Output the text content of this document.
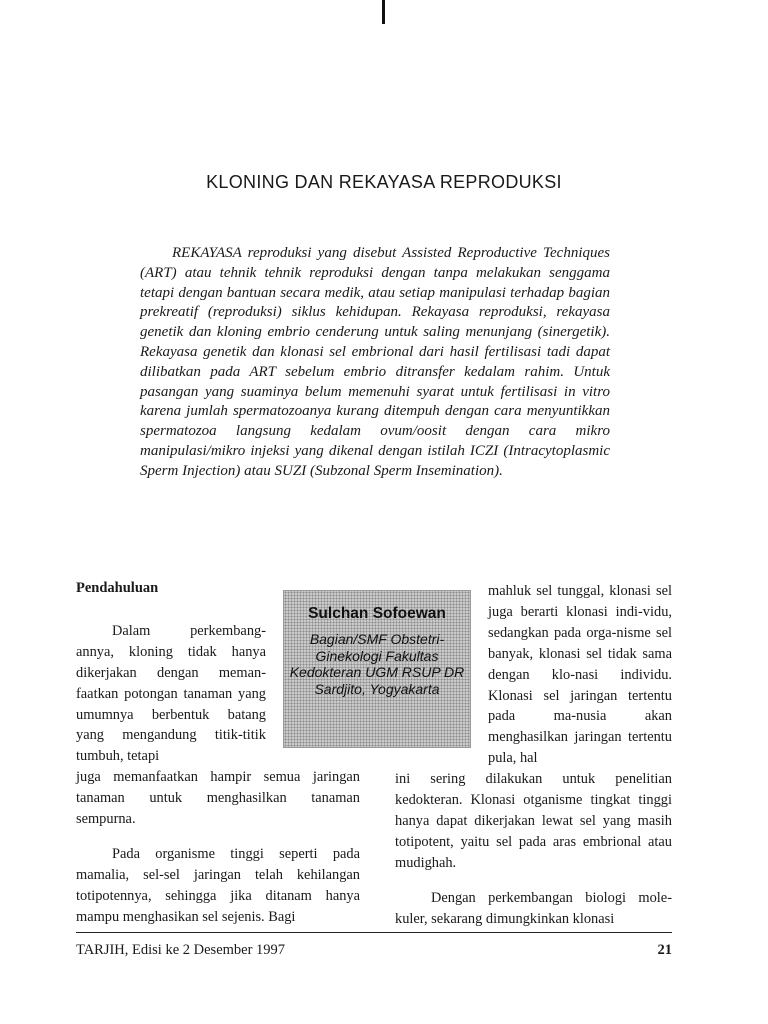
KLONING DAN REKAYASA REPRODUKSI

REKAYASA reproduksi yang disebut Assisted Reproductive Techniques (ART) atau tehnik tehnik reproduksi dengan tanpa melakukan senggama tetapi dengan bantuan secara medik, atau setiap manipulasi terhadap bagian prekreatif (reproduksi) siklus kehidupan. Rekayasa reproduksi, rekayasa genetik dan kloning embrio cenderung untuk saling menunjang (sinergetik). Rekayasa genetik dan klonasi sel embrional dari hasil fertilisasi tadi dapat dilibatkan pada ART sebelum embrio ditransfer kedalam rahim. Untuk pasangan yang suaminya belum memenuhi syarat untuk fertilisasi in vitro karena jumlah spermatozoanya kurang ditempuh dengan cara menyuntikkan spermatozoa langsung kedalam ovum/oosit dengan cara mikro manipulasi/mikro injeksi yang dikenal dengan istilah ICZI (Intracytoplasmic Sperm Injection) atau SUZI (Subzonal Sperm Insemination).

Pendahuluan

Dalam perkembang-annya, kloning tidak hanya dikerjakan dengan meman-faatkan potongan tanaman yang umumnya berbentuk batang yang mengandung titik-titik tumbuh, tetapi

juga memanfaatkan hampir semua jaringan tanaman untuk menghasilkan tanaman sempurna.

Pada organisme tinggi seperti pada mamalia, sel-sel jaringan telah kehilangan totipotennya, sehingga jika ditanam hanya mampu menghasikan sel sejenis. Bagi

Sulchan Sofoewan
Bagian/SMF Obstetri-Ginekologi Fakultas Kedokteran UGM RSUP DR Sardjito, Yogyakarta

mahluk sel tunggal, klonasi sel juga berarti klonasi indi-vidu, sedangkan pada orga-nisme sel banyak, klonasi sel tidak sama dengan klo-nasi individu. Klonasi sel jaringan tertentu pada ma-nusia akan menghasilkan jaringan tertentu pula, hal

ini sering dilakukan untuk penelitian kedokteran. Klonasi otganisme tingkat tinggi hanya dapat dikerjakan lewat sel yang masih totipotent, yaitu sel pada aras embrional atau mudighah.

Dengan perkembangan biologi mole-kuler, sekarang dimungkinkan klonasi

TARJIH, Edisi ke 2 Desember 1997	21
